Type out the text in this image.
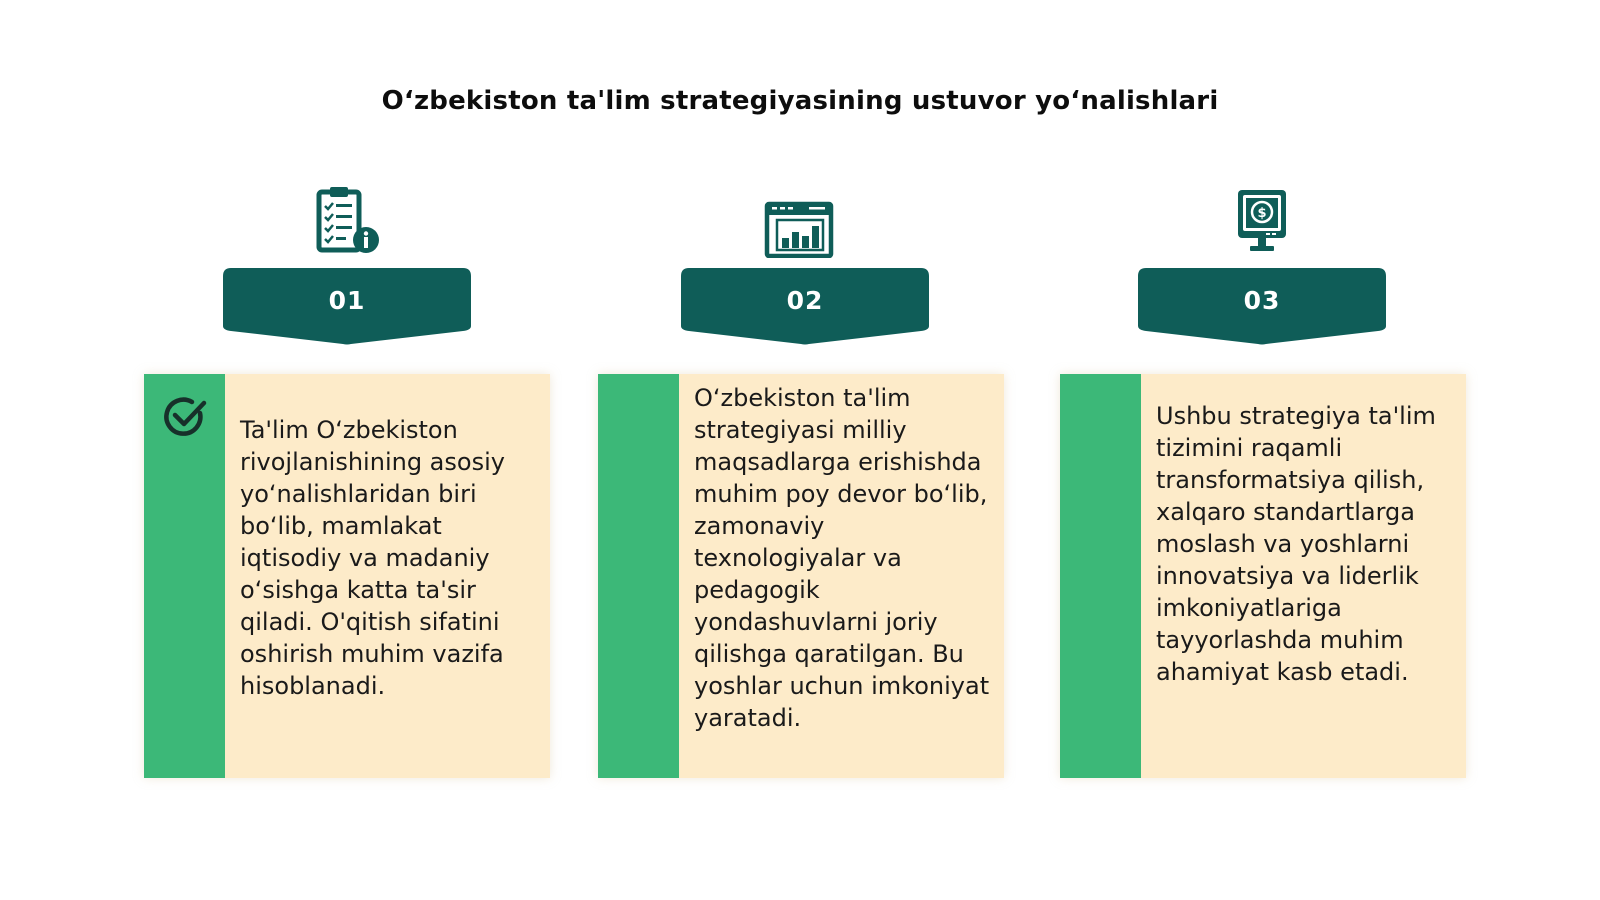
O‘zbekiston ta'lim strategiyasining ustuvor yo‘nalishlari
01

Ta'lim O‘zbekiston rivojlanishining asosiy yo‘nalishlaridan biri bo‘lib, mamlakat iqtisodiy va madaniy o‘sishga katta ta'sir qiladi. O'qitish sifatini oshirish muhim vazifa hisoblanadi.

02

O‘zbekiston ta'lim strategiyasi milliy maqsadlarga erishishda muhim poy devor bo‘lib, zamonaviy texnologiyalar va pedagogik yondashuvlarni joriy qilishga qaratilgan. Bu yoshlar uchun imkoniyat yaratadi.

$
03

Ushbu strategiya ta'lim tizimini raqamli transformatsiya qilish, xalqaro standartlarga moslash va yoshlarni innovatsiya va liderlik imkoniyatlariga tayyorlashda muhim ahamiyat kasb etadi.
